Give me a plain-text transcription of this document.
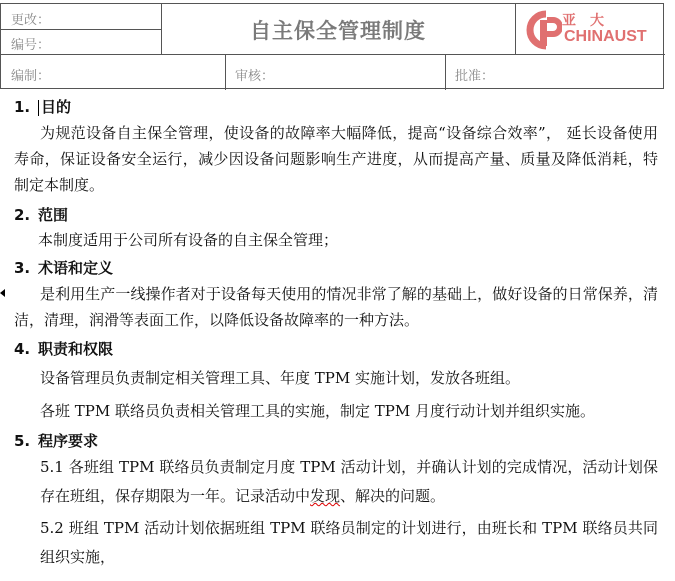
更改：
编号：
自主保全管理制度	亚大
CHINAUST
编制：	审核：	批准：
1. 目的
为规范设备自主保全管理，使设备的故障率大幅降低，提高“设备综合效率”， 延长设备使用寿命，保证设备安全运行，减少因设备问题影响生产进度，从而提高产量、质量及降低消耗，特制定本制度。
2. 范围
本制度适用于公司所有设备的自主保全管理；
3. 术语和定义
是利用生产一线操作者对于设备每天使用的情况非常了解的基础上，做好设备的日常保养，清洁，清理，润滑等表面工作，以降低设备故障率的一种方法。
4. 职责和权限
设备管理员负责制定相关管理工具、年度 TPM 实施计划，发放各班组。
各班 TPM 联络员负责相关管理工具的实施，制定 TPM 月度行动计划并组织实施。
5. 程序要求
5.1 各班组 TPM 联络员负责制定月度 TPM 活动计划，并确认计划的完成情况，活动计划保存在班组，保存期限为一年。记录活动中发现、解决的问题。
5.2 班组 TPM 活动计划依据班组 TPM 联络员制定的计划进行，由班长和 TPM 联络员共同组织实施，
